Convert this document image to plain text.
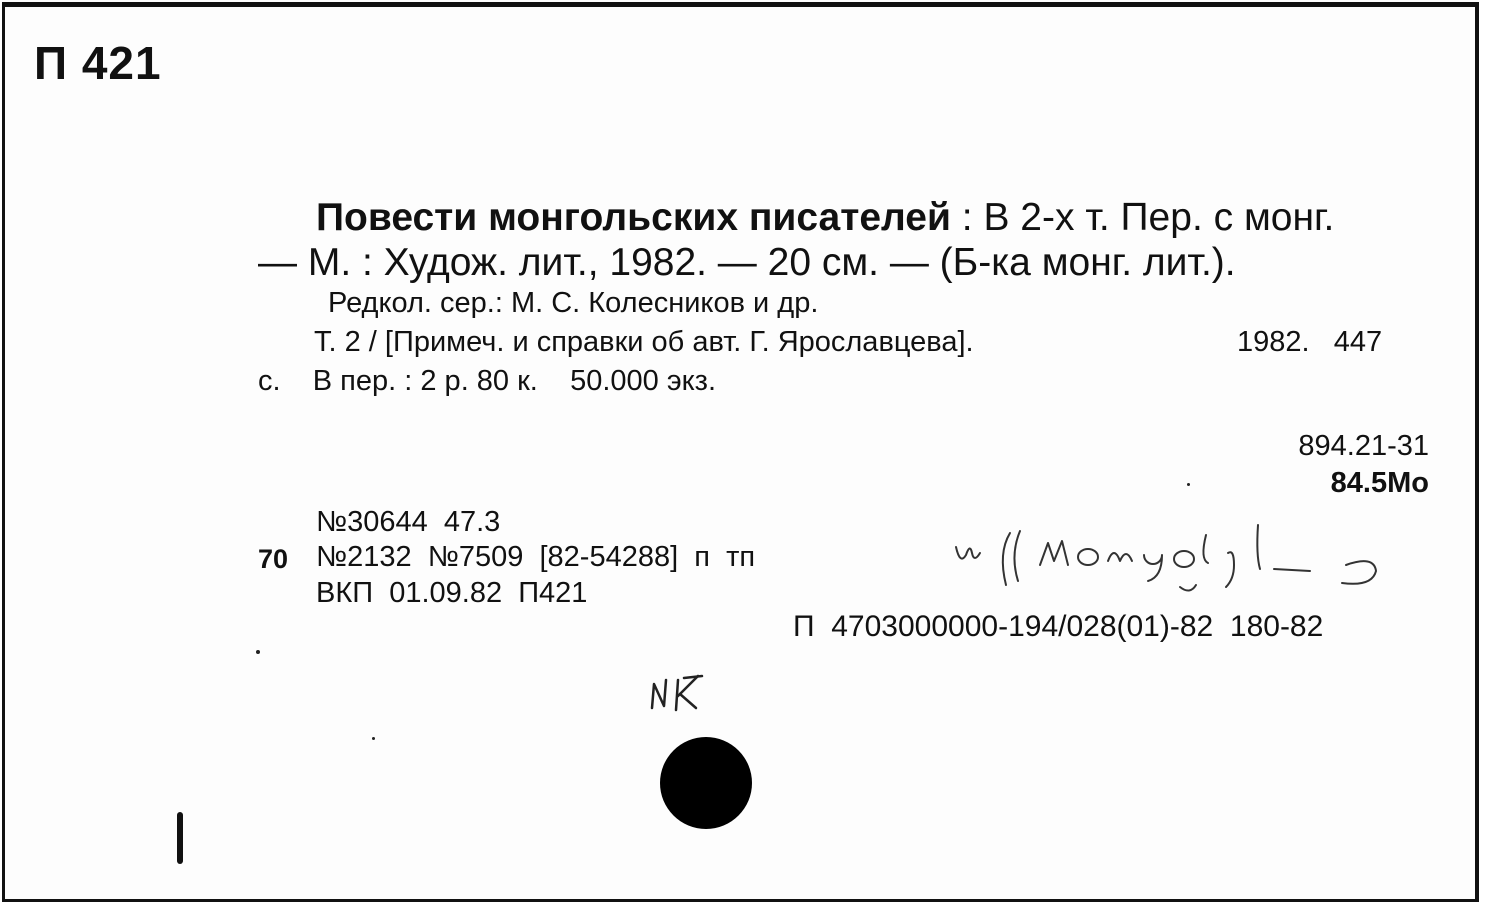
П 421
Повести монгольских писателей : В 2-х т. Пер. с монг.
— М. : Худож. лит., 1982. — 20 см. — (Б-ка монг. лит.).
Редкол. сер.: М. С. Колесников и др.
Т. 2 / [Примеч. и справки об авт. Г. Ярославцева].	1982.   447
с.    В пер. : 2 р. 80 к.    50.000 экз.
894.21-31
84.5Мо
№30644  47.3
70 №2132  №7509  [82-54288]  п  тп
ВКП  01.09.82  П421
П  4703000000-194/028(01)-82  180-82
